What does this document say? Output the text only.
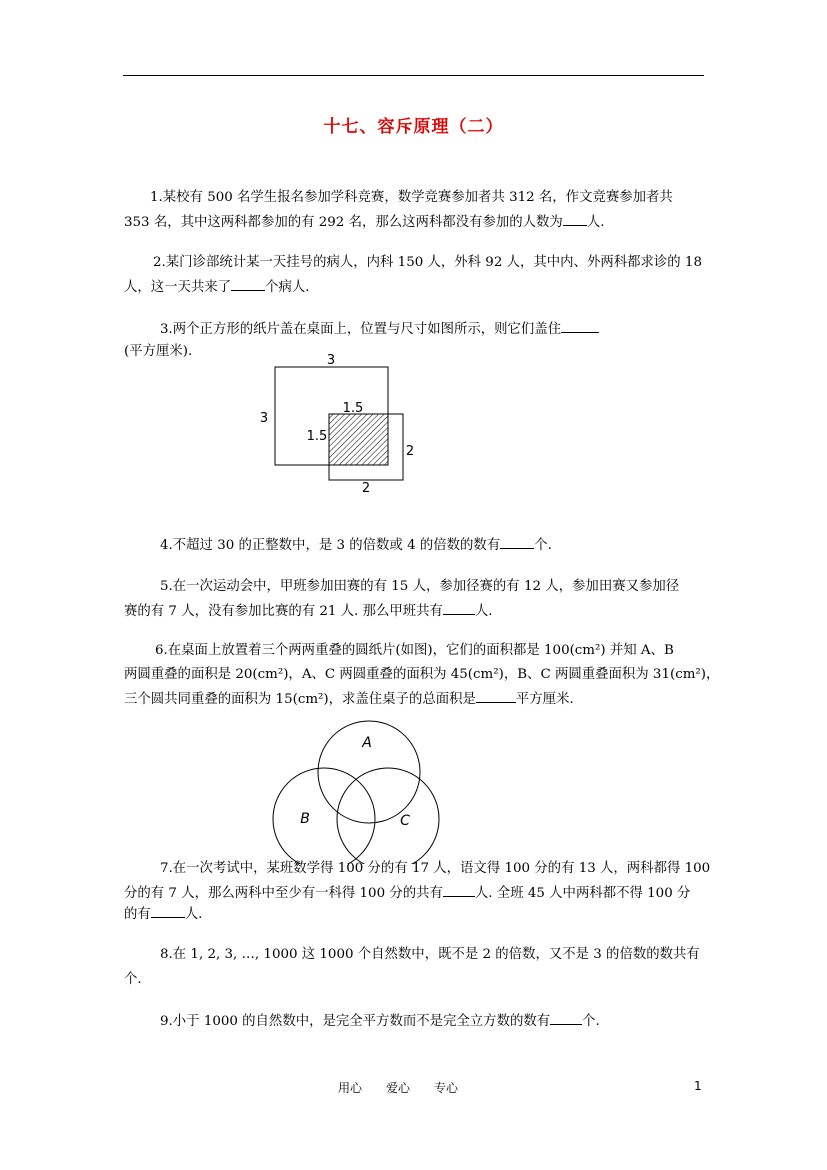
十七、容斥原理（二）
1.某校有 500 名学生报名参加学科竞赛，数学竞赛参加者共 312 名，作文竞赛参加者共
353 名，其中这两科都参加的有 292 名，那么这两科都没有参加的人数为 人.
2.某门诊部统计某一天挂号的病人，内科 150 人，外科 92 人，其中内、外两科都求诊的 18
人，这一天共来了	个病人.
3.两个正方形的纸片盖在桌面上，位置与尺寸如图所示，则它们盖住
(平方厘米).
3
3
1.5
1.5
2
2
4.不超过 30 的正整数中，是 3 的倍数或 4 的倍数的数有	个.
5.在一次运动会中，甲班参加田赛的有 15 人，参加径赛的有 12 人，参加田赛又参加径
赛的有 7 人，没有参加比赛的有 21 人. 那么甲班共有 人.
6.在桌面上放置着三个两两重叠的圆纸片(如图)，它们的面积都是 100(cm²) 并知 A、B
两圆重叠的面积是 20(cm²)，A、C 两圆重叠的面积为 45(cm²)，B、C 两圆重叠面积为 31(cm²)，
三个圆共同重叠的面积为 15(cm²)，求盖住桌子的总面积是	平方厘米.
A
B	C
7.在一次考试中，某班数学得 100 分的有 17 人，语文得 100 分的有 13 人，两科都得 100
分的有 7 人，那么两科中至少有一科得 100 分的共有 人. 全班 45 人中两科都不得 100 分
的有	人.
8.在 1, 2, 3, …, 1000 这 1000 个自然数中，既不是 2 的倍数，又不是 3 的倍数的数共有
个.
9.小于 1000 的自然数中，是完全平方数而不是完全立方数的数有 个.
用心　　爱心　　专心	1
